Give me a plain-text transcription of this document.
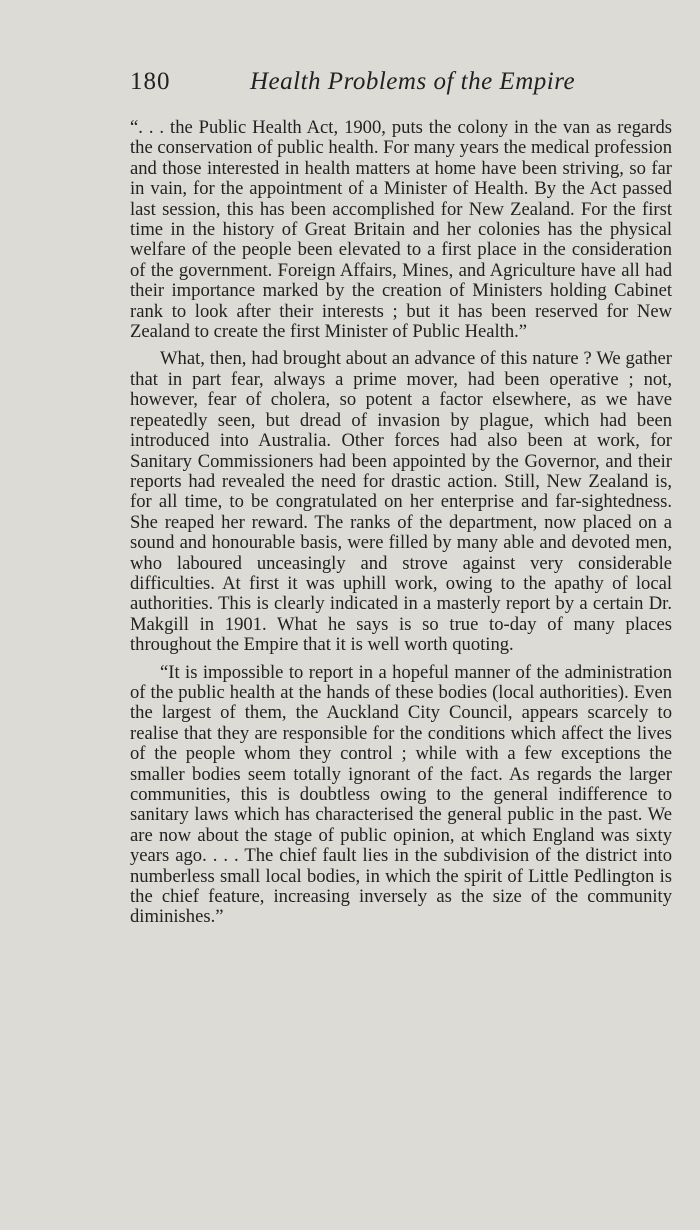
180	Health Problems of the Empire

“. . . the Public Health Act, 1900, puts the colony in the van as regards the conservation of public health. For many years the medical profession and those interested in health matters at home have been striving, so far in vain, for the appointment of a Minister of Health. By the Act passed last session, this has been accomplished for New Zealand. For the first time in the history of Great Britain and her colonies has the physical welfare of the people been elevated to a first place in the consideration of the government. Foreign Affairs, Mines, and Agriculture have all had their importance marked by the creation of Ministers holding Cabinet rank to look after their interests ; but it has been reserved for New Zealand to create the first Minister of Public Health.”

What, then, had brought about an advance of this nature ? We gather that in part fear, always a prime mover, had been operative ; not, however, fear of cholera, so potent a factor elsewhere, as we have repeatedly seen, but dread of invasion by plague, which had been introduced into Australia. Other forces had also been at work, for Sanitary Commissioners had been appointed by the Governor, and their reports had revealed the need for drastic action. Still, New Zealand is, for all time, to be congratulated on her enterprise and far-sightedness. She reaped her reward. The ranks of the department, now placed on a sound and honourable basis, were filled by many able and devoted men, who laboured unceasingly and strove against very considerable difficulties. At first it was uphill work, owing to the apathy of local authorities. This is clearly indicated in a masterly report by a certain Dr. Makgill in 1901. What he says is so true to-day of many places throughout the Empire that it is well worth quoting.

“It is impossible to report in a hopeful manner of the administration of the public health at the hands of these bodies (local authorities). Even the largest of them, the Auckland City Council, appears scarcely to realise that they are responsible for the conditions which affect the lives of the people whom they control ; while with a few exceptions the smaller bodies seem totally ignorant of the fact. As regards the larger communities, this is doubtless owing to the general indifference to sanitary laws which has characterised the general public in the past. We are now about the stage of public opinion, at which England was sixty years ago. . . . The chief fault lies in the subdivision of the district into numberless small local bodies, in which the spirit of Little Pedlington is the chief feature, increasing inversely as the size of the community diminishes.”
